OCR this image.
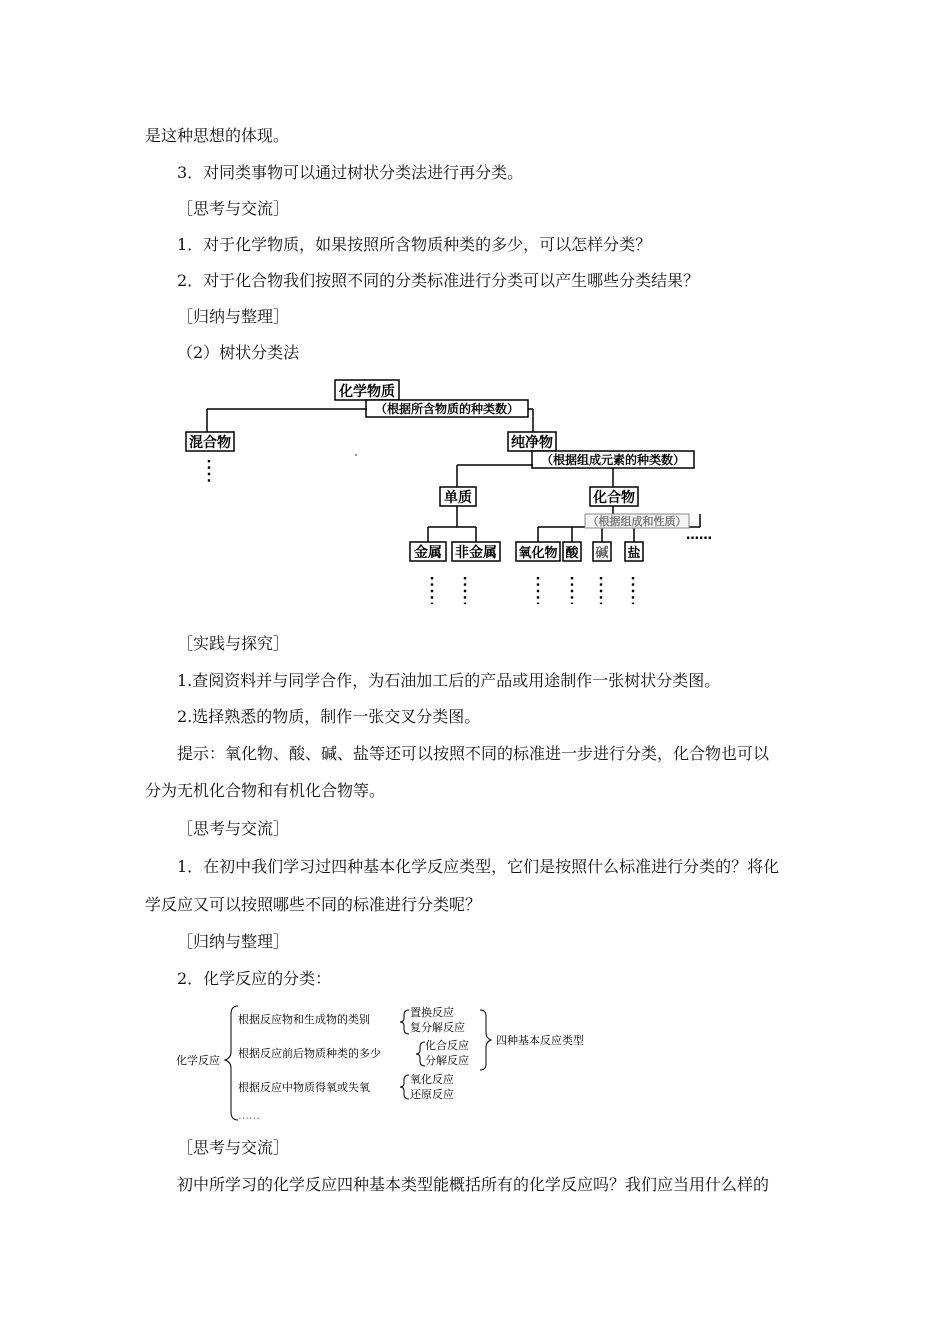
是这种思想的体现。
3．对同类事物可以通过树状分类法进行再分类。
［思考与交流］
1．对于化学物质，如果按照所含物质种类的多少，可以怎样分类？
2．对于化合物我们按照不同的分类标准进行分类可以产生哪些分类结果？
［归纳与整理］
（2）树状分类法
化学物质
（根据所含物质的种类数）
混合物	纯净物
（根据组成元素的种类数）
单质	化合物
（根据组成和性质）
金属 非金属 氧化物 酸 碱 盐
……
［实践与探究］
1.查阅资料并与同学合作，为石油加工后的产品或用途制作一张树状分类图。
2.选择熟悉的物质，制作一张交叉分类图。
提示：氧化物、酸、碱、盐等还可以按照不同的标准进一步进行分类，化合物也可以
分为无机化合物和有机化合物等。
［思考与交流］
1．在初中我们学习过四种基本化学反应类型，它们是按照什么标准进行分类的？将化
学反应又可以按照哪些不同的标准进行分类呢？
［归纳与整理］
2．化学反应的分类：
化学反应
根据反应物和生成物的类别
置换反应
复分解反应
根据反应前后物质种类的多少
化合反应
分解反应
根据反应中物质得氧或失氧
氧化反应
还原反应
……
四种基本反应类型
［思考与交流］
初中所学习的化学反应四种基本类型能概括所有的化学反应吗？我们应当用什么样的
